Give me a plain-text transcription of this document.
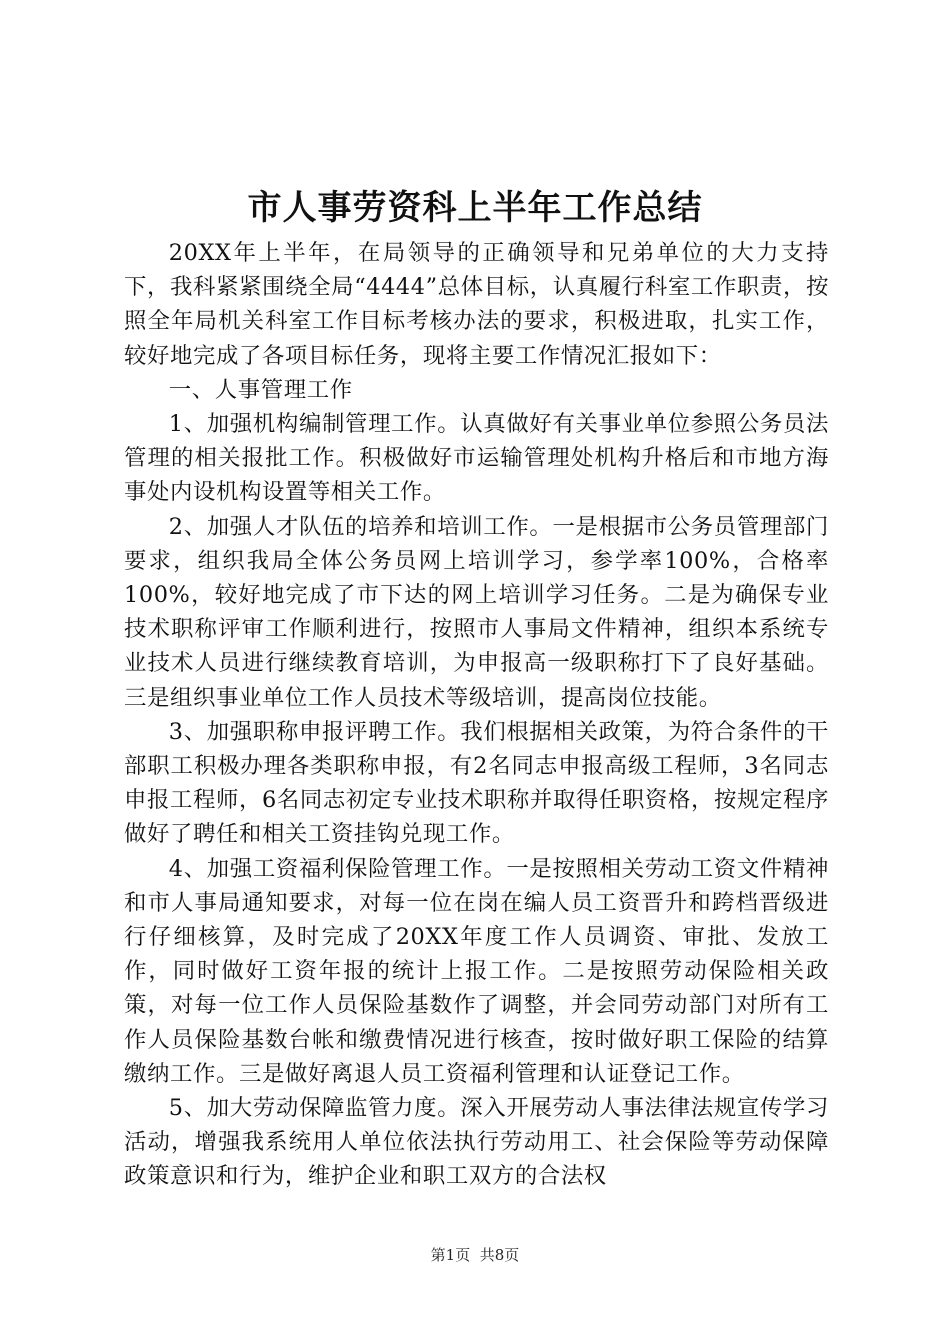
市人事劳资科上半年工作总结

20XX年上半年，在局领导的正确领导和兄弟单位的大力支持下，我科紧紧围绕全局“4444”总体目标，认真履行科室工作职责，按照全年局机关科室工作目标考核办法的要求，积极进取，扎实工作，较好地完成了各项目标任务，现将主要工作情况汇报如下：

一、人事管理工作

1、加强机构编制管理工作。认真做好有关事业单位参照公务员法管理的相关报批工作。积极做好市运输管理处机构升格后和市地方海事处内设机构设置等相关工作。

2、加强人才队伍的培养和培训工作。一是根据市公务员管理部门要求，组织我局全体公务员网上培训学习，参学率100%，合格率100%，较好地完成了市下达的网上培训学习任务。二是为确保专业技术职称评审工作顺利进行，按照市人事局文件精神，组织本系统专业技术人员进行继续教育培训，为申报高一级职称打下了良好基础。三是组织事业单位工作人员技术等级培训，提高岗位技能。

3、加强职称申报评聘工作。我们根据相关政策，为符合条件的干部职工积极办理各类职称申报，有2名同志申报高级工程师，3名同志申报工程师，6名同志初定专业技术职称并取得任职资格，按规定程序做好了聘任和相关工资挂钩兑现工作。

4、加强工资福利保险管理工作。一是按照相关劳动工资文件精神和市人事局通知要求，对每一位在岗在编人员工资晋升和跨档晋级进行仔细核算，及时完成了20XX年度工作人员调资、审批、发放工作，同时做好工资年报的统计上报工作。二是按照劳动保险相关政策，对每一位工作人员保险基数作了调整，并会同劳动部门对所有工作人员保险基数台帐和缴费情况进行核查，按时做好职工保险的结算缴纳工作。三是做好离退人员工资福利管理和认证登记工作。

5、加大劳动保障监管力度。深入开展劳动人事法律法规宣传学习活动，增强我系统用人单位依法执行劳动用工、社会保险等劳动保障政策意识和行为，维护企业和职工双方的合法权

第1页 共8页
